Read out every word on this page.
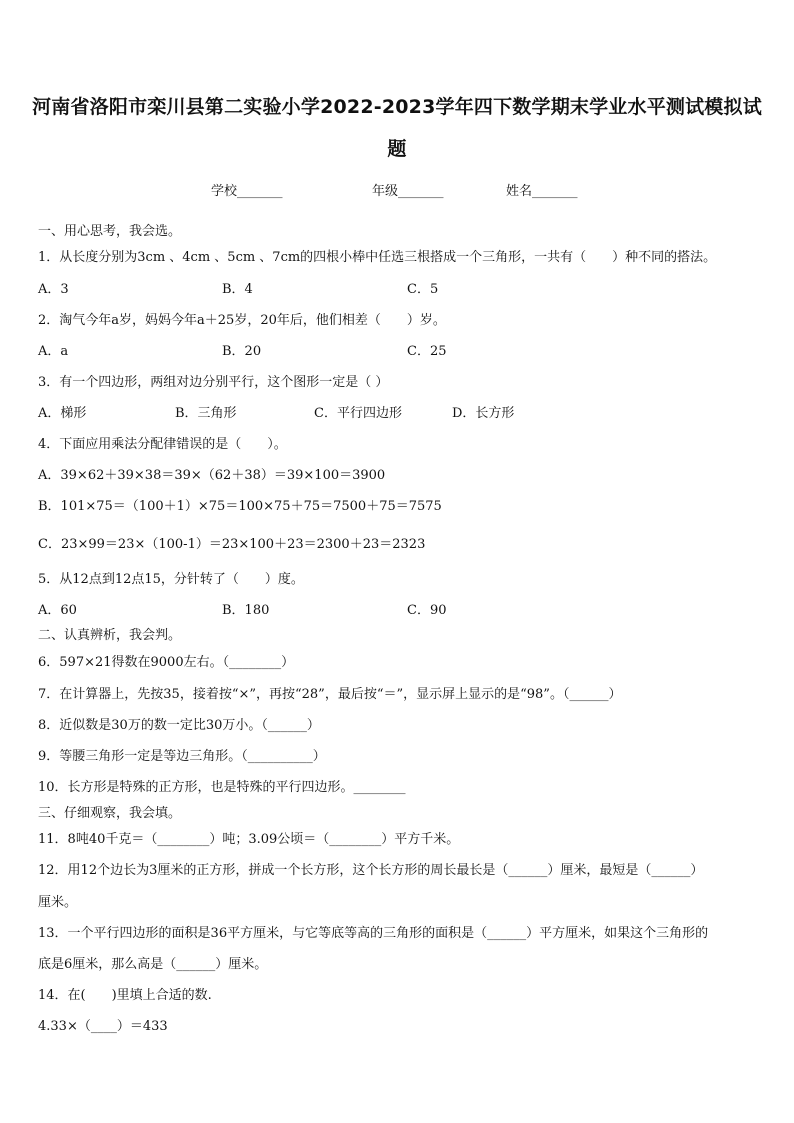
河南省洛阳市栾川县第二实验小学2022-2023学年四下数学期末学业水平测试模拟试
题
学校_______	年级_______	姓名_______
一、用心思考，我会选。
1．从长度分别为3cm 、4cm 、5cm 、7cm的四根小棒中任选三根搭成一个三角形，一共有（　　）种不同的搭法。
A．3	B．4	C．5
2．淘气今年a岁，妈妈今年a＋25岁，20年后，他们相差（　　）岁。
A．a	B．20	C．25
3．有一个四边形，两组对边分别平行，这个图形一定是（ ）
A．梯形	B．三角形	C．平行四边形	D．长方形
4．下面应用乘法分配律错误的是（　　）。
A．39×62＋39×38＝39×（62＋38）＝39×100＝3900
B．101×75＝（100＋1）×75＝100×75＋75＝7500＋75＝7575
C．23×99＝23×（100-1）＝23×100＋23＝2300＋23＝2323
5．从12点到12点15，分针转了（　　）度。
A．60	B．180	C．90
二、认真辨析，我会判。
6．597×21得数在9000左右。（________）
7．在计算器上，先按35，接着按“×”，再按“28”，最后按“＝”，显示屏上显示的是“98”。（______）
8．近似数是30万的数一定比30万小。（______）
9．等腰三角形一定是等边三角形。（__________）
10．长方形是特殊的正方形，也是特殊的平行四边形。________
三、仔细观察，我会填。
11．8吨40千克＝（________）吨；3.09公顷＝（________）平方千米。
12．用12个边长为3厘米的正方形，拼成一个长方形，这个长方形的周长最长是（______）厘米，最短是（______）
厘米。
13．一个平行四边形的面积是36平方厘米，与它等底等高的三角形的面积是（______）平方厘米，如果这个三角形的
底是6厘米，那么高是（______）厘米。
14．在(　　)里填上合适的数.
4.33×（____）＝433
